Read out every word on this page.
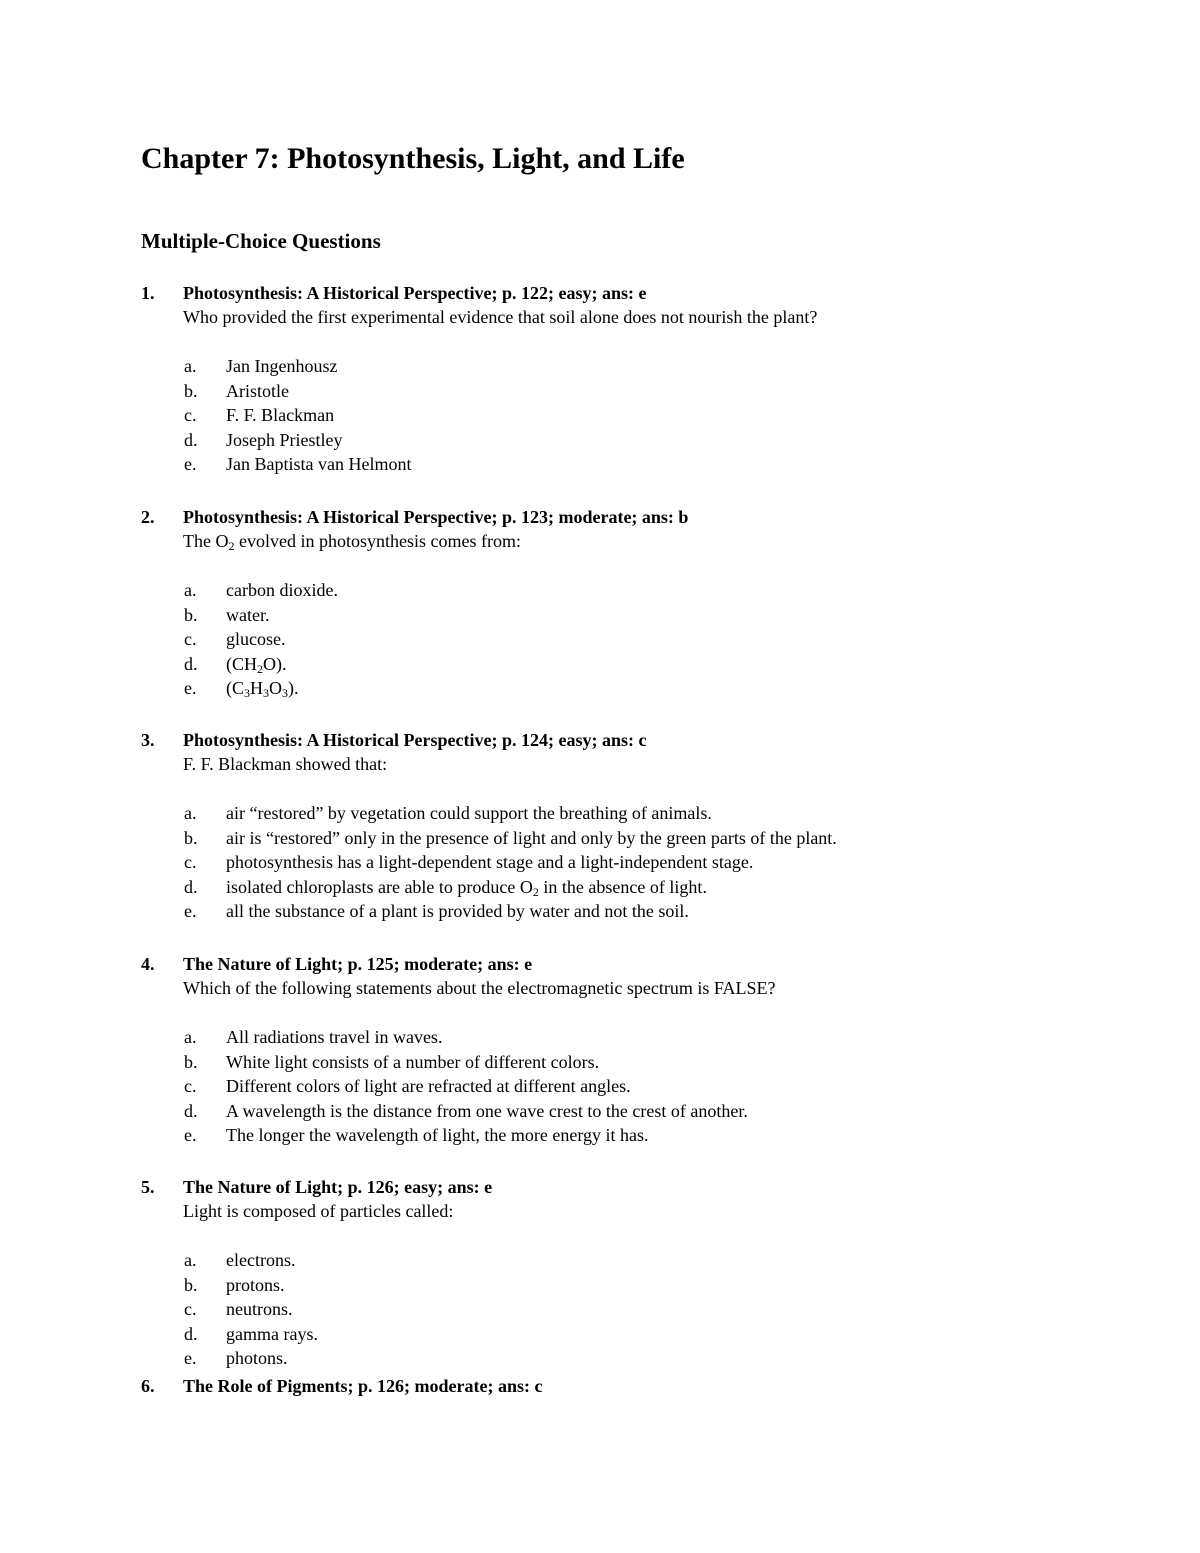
Chapter 7: Photosynthesis, Light, and Life
Multiple-Choice Questions
1. Photosynthesis: A Historical Perspective; p. 122; easy; ans: e
Who provided the first experimental evidence that soil alone does not nourish the plant?
a. Jan Ingenhousz
b. Aristotle
c. F. F. Blackman
d. Joseph Priestley
e. Jan Baptista van Helmont
2. Photosynthesis: A Historical Perspective; p. 123; moderate; ans: b
The $O_2$ evolved in photosynthesis comes from:
a. carbon dioxide.
b. water.
c. glucose.
d. $(CH_2O)$.
e. $(C_3H_3O_3)$.
3. Photosynthesis: A Historical Perspective; p. 124; easy; ans: c
F. F. Blackman showed that:
a. air “restored” by vegetation could support the breathing of animals.
b. air is “restored” only in the presence of light and only by the green parts of the plant.
c. photosynthesis has a light-dependent stage and a light-independent stage.
d. isolated chloroplasts are able to produce $O_2$ in the absence of light.
e. all the substance of a plant is provided by water and not the soil.
4. The Nature of Light; p. 125; moderate; ans: e
Which of the following statements about the electromagnetic spectrum is FALSE?
a. All radiations travel in waves.
b. White light consists of a number of different colors.
c. Different colors of light are refracted at different angles.
d. A wavelength is the distance from one wave crest to the crest of another.
e. The longer the wavelength of light, the more energy it has.
5. The Nature of Light; p. 126; easy; ans: e
Light is composed of particles called:
a. electrons.
b. protons.
c. neutrons.
d. gamma rays.
e. photons.
6. The Role of Pigments; p. 126; moderate; ans: c
